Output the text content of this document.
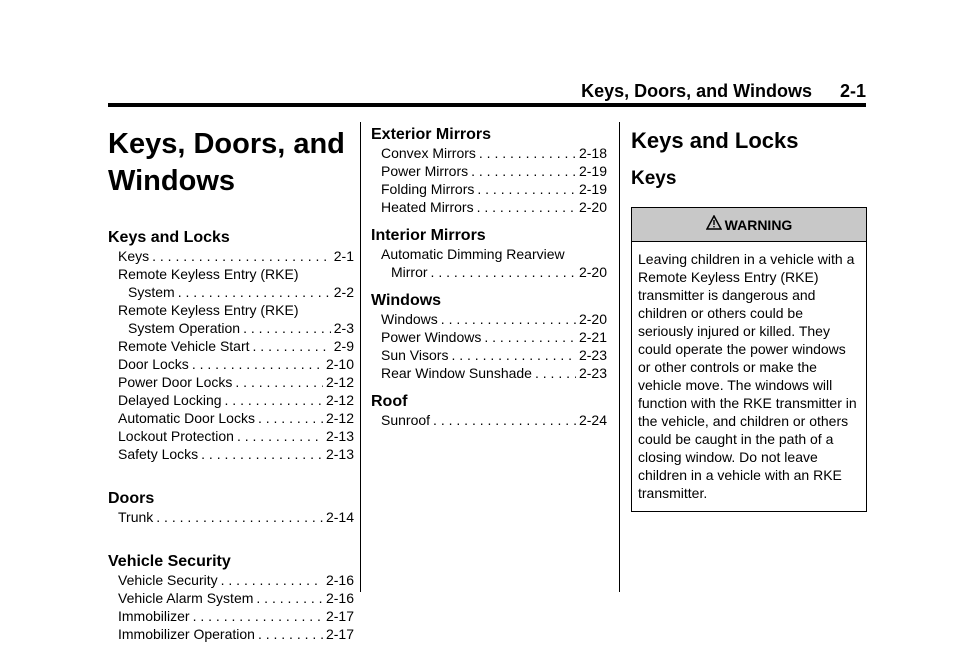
Keys, Doors, and Windows 2-1
Keys, Doors, and
Windows
Keys and Locks
Keys . . .	2-1
Remote Keyless Entry (RKE)
System . . .	2-2
Remote Keyless Entry (RKE)
System Operation . . .	2-3
Remote Vehicle Start . . .	2-9
Door Locks . . .	2-10
Power Door Locks . . .	2-12
Delayed Locking . . .	2-12
Automatic Door Locks . . .	2-12
Lockout Protection . . .	2-13
Safety Locks . . .	2-13
Doors
Trunk . . .	2-14
Vehicle Security
Vehicle Security . . .	2-16
Vehicle Alarm System . . .	2-16
Immobilizer . . .	2-17
Immobilizer Operation . . .	2-17
Exterior Mirrors
Convex Mirrors . . .	2-18
Power Mirrors . . .	2-19
Folding Mirrors . . .	2-19
Heated Mirrors . . .	2-20
Interior Mirrors
Automatic Dimming Rearview
Mirror . . .	2-20
Windows
Windows . . .	2-20
Power Windows . . .	2-21
Sun Visors . . .	2-23
Rear Window Sunshade . . .	2-23
Roof
Sunroof . . .	2-24
Keys and Locks
Keys
WARNING
Leaving children in a vehicle with a Remote Keyless Entry (RKE) transmitter is dangerous and children or others could be seriously injured or killed. They could operate the power windows or other controls or make the vehicle move. The windows will function with the RKE transmitter in the vehicle, and children or others could be caught in the path of a closing window. Do not leave children in a vehicle with an RKE transmitter.
